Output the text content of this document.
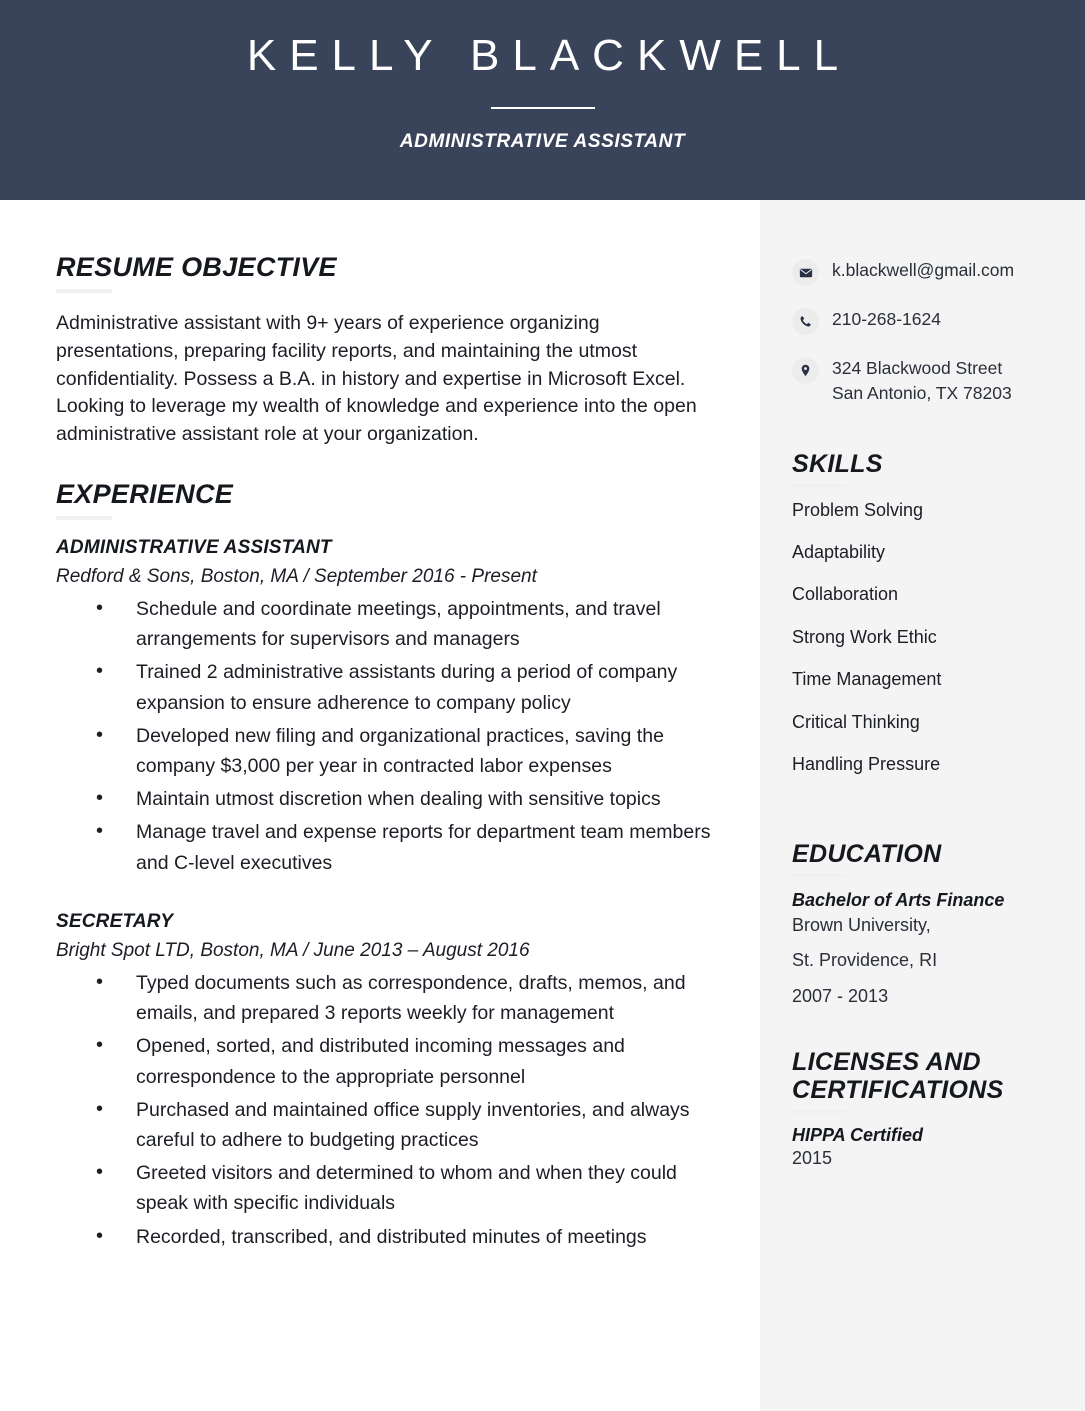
KELLY BLACKWELL
ADMINISTRATIVE ASSISTANT
RESUME OBJECTIVE

Administrative assistant with 9+ years of experience organizing presentations, preparing facility reports, and maintaining the utmost confidentiality. Possess a B.A. in history and expertise in Microsoft Excel. Looking to leverage my wealth of knowledge and experience into the open administrative assistant role at your organization.

EXPERIENCE
ADMINISTRATIVE ASSISTANT
Redford & Sons, Boston, MA / September 2016 - Present
• Schedule and coordinate meetings, appointments, and travel arrangements for supervisors and managers
• Trained 2 administrative assistants during a period of company expansion to ensure adherence to company policy
• Developed new filing and organizational practices, saving the company $3,000 per year in contracted labor expenses
• Maintain utmost discretion when dealing with sensitive topics
• Manage travel and expense reports for department team members and C-level executives
SECRETARY
Bright Spot LTD, Boston, MA / June 2013 – August 2016
• Typed documents such as correspondence, drafts, memos, and emails, and prepared 3 reports weekly for management
• Opened, sorted, and distributed incoming messages and correspondence to the appropriate personnel
• Purchased and maintained office supply inventories, and always careful to adhere to budgeting practices
• Greeted visitors and determined to whom and when they could speak with specific individuals
• Recorded, transcribed, and distributed minutes of meetings
k.blackwell@gmail.com
210-268-1624
324 Blackwood Street
San Antonio, TX 78203
SKILLS
Problem Solving
Adaptability
Collaboration
Strong Work Ethic
Time Management
Critical Thinking
Handling Pressure
EDUCATION
Bachelor of Arts Finance
Brown University,
St. Providence, RI
2007 - 2013
LICENSES AND CERTIFICATIONS
HIPPA Certified
2015
